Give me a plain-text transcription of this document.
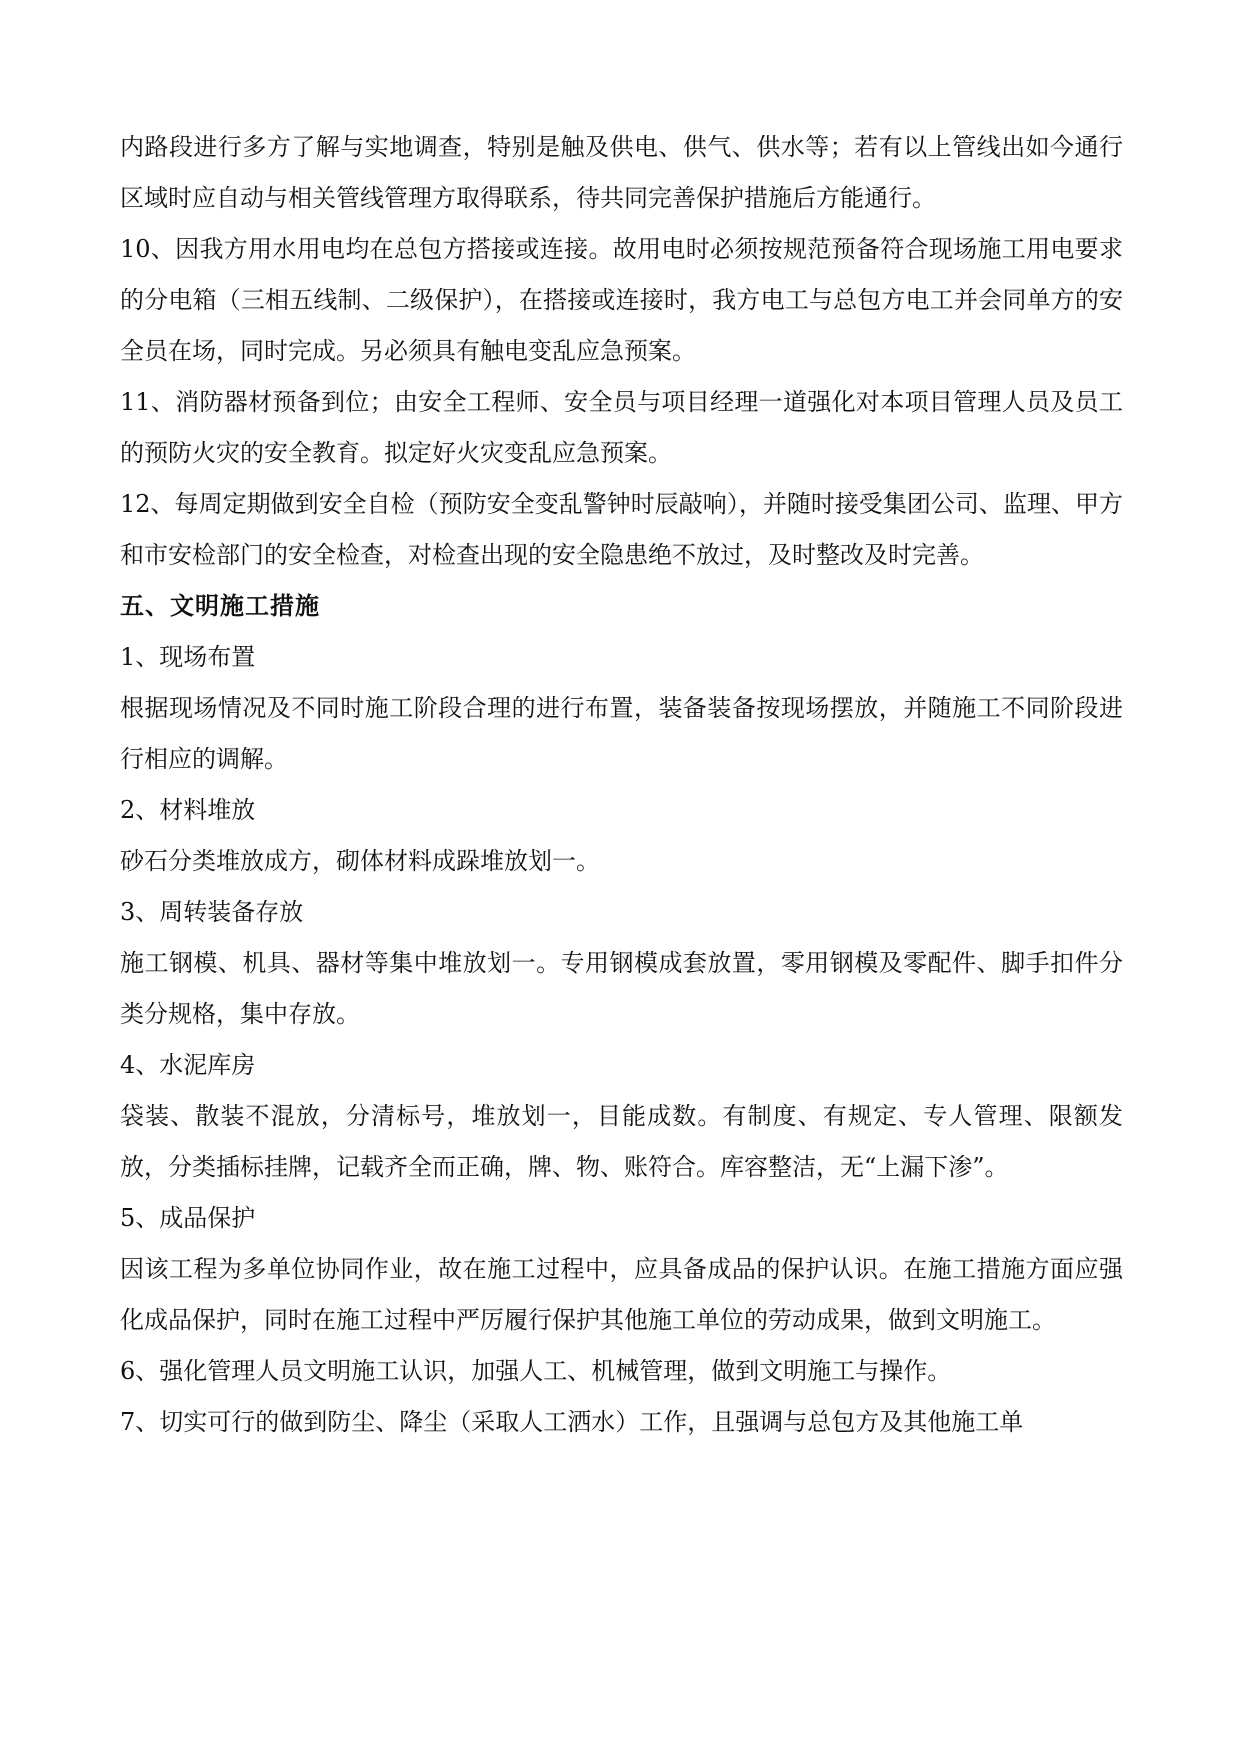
内路段进行多方了解与实地调查，特别是触及供电、供气、供水等；若有以上管线出如今通行区域时应自动与相关管线管理方取得联系，待共同完善保护措施后方能通行。

10、因我方用水用电均在总包方搭接或连接。故用电时必须按规范预备符合现场施工用电要求的分电箱（三相五线制、二级保护），在搭接或连接时，我方电工与总包方电工并会同单方的安全员在场，同时完成。另必须具有触电变乱应急预案。

11、消防器材预备到位；由安全工程师、安全员与项目经理一道强化对本项目管理人员及员工的预防火灾的安全教育。拟定好火灾变乱应急预案。

12、每周定期做到安全自检（预防安全变乱警钟时辰敲响），并随时接受集团公司、监理、甲方和市安检部门的安全检查，对检查出现的安全隐患绝不放过，及时整改及时完善。

五、文明施工措施

1、现场布置

根据现场情况及不同时施工阶段合理的进行布置，装备装备按现场摆放，并随施工不同阶段进行相应的调解。

2、材料堆放

砂石分类堆放成方，砌体材料成跺堆放划一。

3、周转装备存放

施工钢模、机具、器材等集中堆放划一。专用钢模成套放置，零用钢模及零配件、脚手扣件分类分规格，集中存放。

4、水泥库房

袋装、散装不混放，分清标号，堆放划一，目能成数。有制度、有规定、专人管理、限额发放，分类插标挂牌，记载齐全而正确，牌、物、账符合。库容整洁，无“上漏下渗”。

5、成品保护

因该工程为多单位协同作业，故在施工过程中，应具备成品的保护认识。在施工措施方面应强化成品保护，同时在施工过程中严厉履行保护其他施工单位的劳动成果，做到文明施工。

6、强化管理人员文明施工认识，加强人工、机械管理，做到文明施工与操作。

7、切实可行的做到防尘、降尘（采取人工洒水）工作，且强调与总包方及其他施工单
